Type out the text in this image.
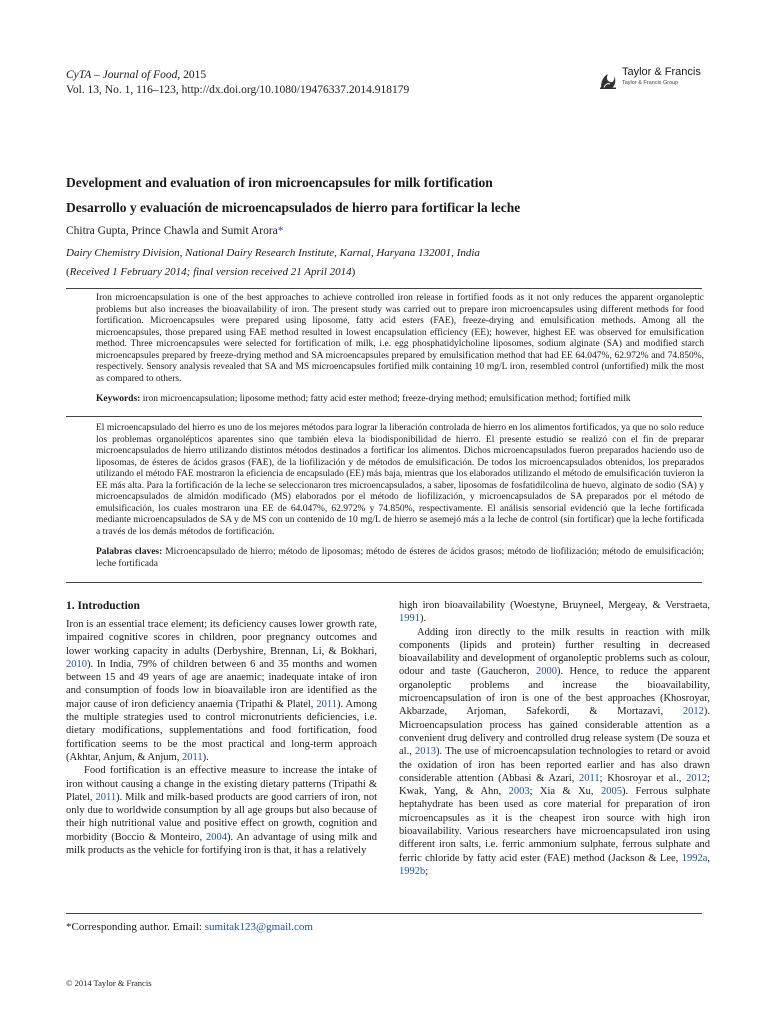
CyTA – Journal of Food, 2015
Vol. 13, No. 1, 116–123, http://dx.doi.org/10.1080/19476337.2014.918179
Taylor & Francis
Taylor & Francis Group
Development and evaluation of iron microencapsules for milk fortification
Desarrollo y evaluación de microencapsulados de hierro para fortificar la leche
Chitra Gupta, Prince Chawla and Sumit Arora*
Dairy Chemistry Division, National Dairy Research Institute, Karnal, Haryana 132001, India
(Received 1 February 2014; final version received 21 April 2014)
Iron microencapsulation is one of the best approaches to achieve controlled iron release in fortified foods as it not only reduces the apparent organoleptic problems but also increases the bioavailability of iron. The present study was carried out to prepare iron microencapsules using different methods for food fortification. Microencapsules were prepared using liposome, fatty acid esters (FAE), freeze-drying and emulsification methods. Among all the microencapsules, those prepared using FAE method resulted in lowest encapsulation efficiency (EE); however, highest EE was observed for emulsification method. Three microencapsules were selected for fortification of milk, i.e. egg phosphatidylcholine liposomes, sodium alginate (SA) and modified starch microencapsules prepared by freeze-drying method and SA microencapsules prepared by emulsification method that had EE 64.047%, 62.972% and 74.850%, respectively. Sensory analysis revealed that SA and MS microencapsules fortified milk containing 10 mg/L iron, resembled control (unfortified) milk the most as compared to others.
Keywords: iron microencapsulation; liposome method; fatty acid ester method; freeze-drying method; emulsification method; fortified milk
El microencapsulado del hierro es uno de los mejores métodos para lograr la liberación controlada de hierro en los alimentos fortificados, ya que no solo reduce los problemas organolépticos aparentes sino que también eleva la biodisponibilidad de hierro. El presente estudio se realizó con el fin de preparar microencapsulados de hierro utilizando distintos métodos destinados a fortificar los alimentos. Dichos microencapsulados fueron preparados haciendo uso de liposomas, de ésteres de ácidos grasos (FAE), de la liofilización y de métodos de emulsificación. De todos los microencapsulados obtenidos, los preparados utilizando el método FAE mostraron la eficiencia de encapsulado (EE) más baja, mientras que los elaborados utilizando el método de emulsificación tuvieron la EE más alta. Para la fortificación de la leche se seleccionaron tres microencapsulados, a saber, liposomas de fosfatidilcolina de huevo, alginato de sodio (SA) y microencapsulados de almidón modificado (MS) elaborados por el método de liofilización, y microencapsulados de SA preparados por el método de emulsificación, los cuales mostraron una EE de 64.047%, 62.972% y 74.850%, respectivamente. El análisis sensorial evidenció que la leche fortificada mediante microencapsulados de SA y de MS con un contenido de 10 mg/L de hierro se asemejó más a la leche de control (sin fortificar) que la leche fortificada a través de los demás métodos de fortificación.
Palabras claves: Microencapsulado de hierro; método de liposomas; método de ésteres de ácidos grasos; método de liofilización; método de emulsificación; leche fortificada
1. Introduction

Iron is an essential trace element; its deficiency causes lower growth rate, impaired cognitive scores in children, poor pregnancy outcomes and lower working capacity in adults (Derbyshire, Brennan, Li, & Bokhari, 2010). In India, 79% of children between 6 and 35 months and women between 15 and 49 years of age are anaemic; inadequate intake of iron and consumption of foods low in bioavailable iron are identified as the major cause of iron deficiency anaemia (Tripathi & Platel, 2011). Among the multiple strategies used to control micronutrients deficiencies, i.e. dietary modifications, supplementations and food fortification, food fortification seems to be the most practical and long-term approach (Akhtar, Anjum, & Anjum, 2011).

Food fortification is an effective measure to increase the intake of iron without causing a change in the existing dietary patterns (Tripathi & Platel, 2011). Milk and milk-based products are good carriers of iron, not only due to worldwide consumption by all age groups but also because of their high nutritional value and positive effect on growth, cognition and morbidity (Boccio & Monteiro, 2004). An advantage of using milk and milk products as the vehicle for fortifying iron is that, it has a relatively

high iron bioavailability (Woestyne, Bruyneel, Mergeay, & Verstraeta, 1991).

Adding iron directly to the milk results in reaction with milk components (lipids and protein) further resulting in decreased bioavailability and development of organoleptic problems such as colour, odour and taste (Gaucheron, 2000). Hence, to reduce the apparent organoleptic problems and increase the bioavailability, microencapsulation of iron is one of the best approaches (Khosroyar, Akbarzade, Arjoman, Safekordi, & Mortazavi, 2012). Microencapsulation process has gained considerable attention as a convenient drug delivery and controlled drug release system (De souza et al., 2013). The use of microencapsulation technologies to retard or avoid the oxidation of iron has been reported earlier and has also drawn considerable attention (Abbasi & Azari, 2011; Khosroyar et al., 2012; Kwak, Yang, & Ahn, 2003; Xia & Xu, 2005). Ferrous sulphate heptahydrate has been used as core material for preparation of iron microencapsules as it is the cheapest iron source with high iron bioavailability. Various researchers have microencapsulated iron using different iron salts, i.e. ferric ammonium sulphate, ferrous sulphate and ferric chloride by fatty acid ester (FAE) method (Jackson & Lee, 1992a, 1992b;

*Corresponding author. Email: sumitak123@gmail.com
© 2014 Taylor & Francis
